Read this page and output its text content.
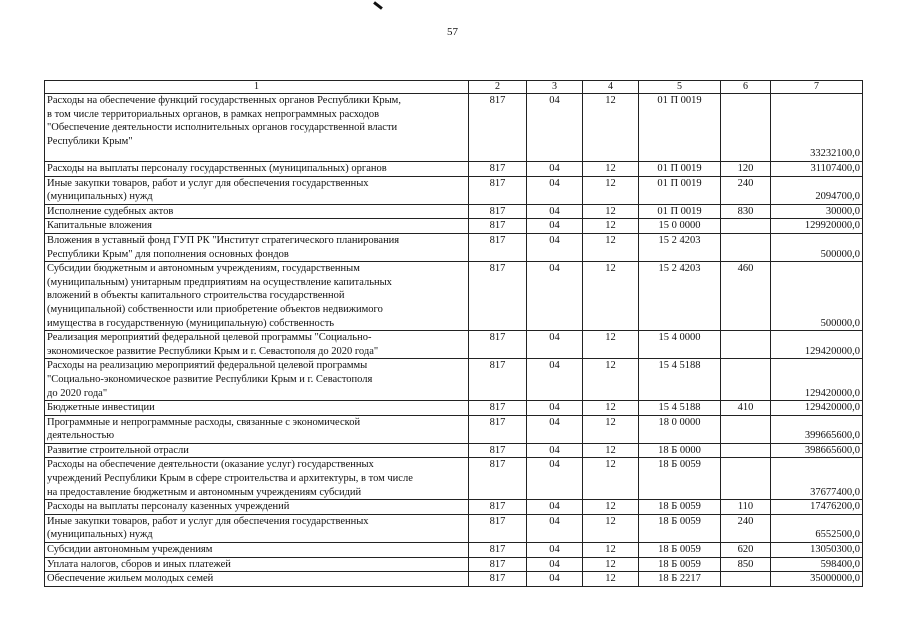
57
1	2	3	4	5	6	7
Расходы на обеспечение функций государственных органов Республики Крым,
в том числе территориальных органов, в рамках непрограммных расходов
"Обеспечение деятельности исполнительных органов государственной власти
Республики Крым"	817	04	12	01 П 0019		33232100,0
Расходы на выплаты персоналу государственных (муниципальных) органов	817	04	12	01 П 0019	120	31107400,0
Иные закупки товаров, работ и услуг для обеспечения государственных
(муниципальных) нужд	817	04	12	01 П 0019	240	2094700,0
Исполнение судебных актов	817	04	12	01 П 0019	830	30000,0
Капитальные вложения	817	04	12	15 0 0000		129920000,0
Вложения в уставный фонд ГУП РК "Институт стратегического планирования
Республики Крым" для пополнения основных фондов	817	04	12	15 2 4203		500000,0
Субсидии бюджетным и автономным учреждениям, государственным
(муниципальным) унитарным предприятиям на осуществление капитальных
вложений в объекты капитального строительства государственной
(муниципальной) собственности или приобретение объектов недвижимого
имущества в государственную (муниципальную) собственность	817	04	12	15 2 4203	460	500000,0
Реализация мероприятий федеральной целевой программы "Социально-
экономическое развитие Республики Крым и г. Севастополя до 2020 года"	817	04	12	15 4 0000		129420000,0
Расходы на реализацию мероприятий федеральной целевой программы
"Социально-экономическое развитие Республики Крым и г. Севастополя
до 2020 года"	817	04	12	15 4 5188		129420000,0
Бюджетные инвестиции	817	04	12	15 4 5188	410	129420000,0
Программные и непрограммные расходы, связанные с экономической
деятельностью	817	04	12	18 0 0000		399665600,0
Развитие строительной отрасли	817	04	12	18 Б 0000		398665600,0
Расходы на обеспечение деятельности (оказание услуг) государственных
учреждений Республики Крым в сфере строительства и архитектуры, в том числе
на предоставление бюджетным и автономным учреждениям субсидий	817	04	12	18 Б 0059		37677400,0
Расходы на выплаты персоналу казенных учреждений	817	04	12	18 Б 0059	110	17476200,0
Иные закупки товаров, работ и услуг для обеспечения государственных
(муниципальных) нужд	817	04	12	18 Б 0059	240	6552500,0
Субсидии автономным учреждениям	817	04	12	18 Б 0059	620	13050300,0
Уплата налогов, сборов и иных платежей	817	04	12	18 Б 0059	850	598400,0
Обеспечение жильем молодых семей	817	04	12	18 Б 2217		35000000,0
